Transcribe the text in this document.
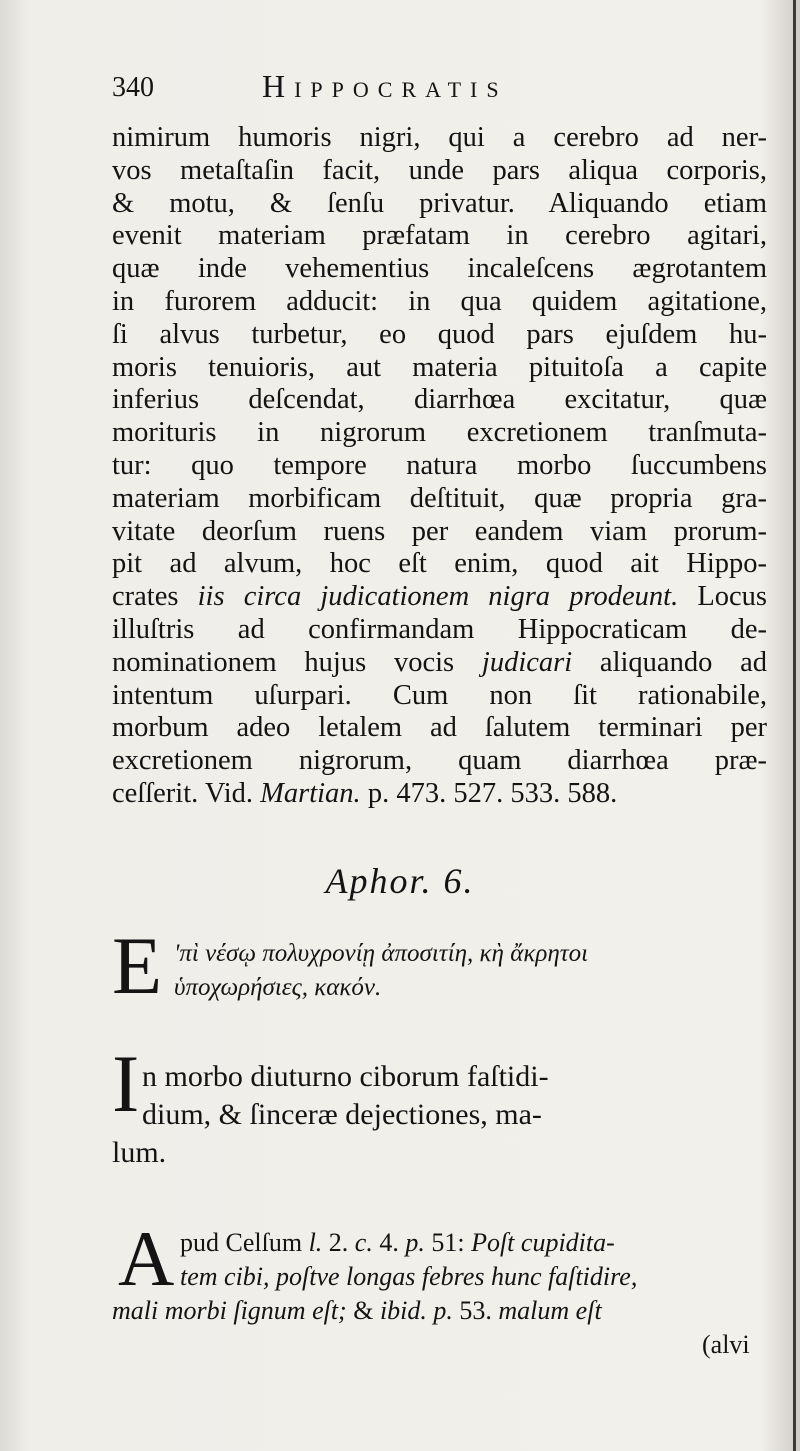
340	Hippocratis
nimirum humoris nigri, qui a cerebro ad ner-
vos metaſtaſin facit, unde pars aliqua corporis,
& motu, & ſenſu privatur. Aliquando etiam
evenit materiam præfatam in cerebro agitari,
quæ inde vehementius incaleſcens ægrotantem
in furorem adducit: in qua quidem agitatione,
ſi alvus turbetur, eo quod pars ejuſdem hu-
moris tenuioris, aut materia pituitoſa a capite
inferius deſcendat, diarrhœa excitatur, quæ
morituris in nigrorum excretionem tranſmuta-
tur: quo tempore natura morbo ſuccumbens
materiam morbificam deſtituit, quæ propria gra-
vitate deorſum ruens per eandem viam prorum-
pit ad alvum, hoc eſt enim, quod ait Hippo-
crates iis circa judicationem nigra prodeunt. Locus
illuſtris ad confirmandam Hippocraticam de-
nominationem hujus vocis judicari aliquando ad
intentum uſurpari. Cum non ſit rationabile,
morbum adeo letalem ad ſalutem terminari per
excretionem nigrorum, quam diarrhœa præ-
ceſſerit. Vid. Martian. p. 473. 527. 533. 588.
Aphor. 6.
E 'πὶ νέσῳ πολυχρονίῃ ἀποσιτίη, κὴ ἄκρητοι
ὑποχωρήσιες, κακόν.
I n morbo diuturno ciborum faſtidi-
dium, & ſinceræ dejectiones, ma-
lum.
A pud Celſum l. 2. c. 4. p. 51: Poſt cupidita-
tem cibi, poſtve longas febres hunc faſtidire,
mali morbi ſignum eſt; & ibid. p. 53. malum eſt
(alvi
